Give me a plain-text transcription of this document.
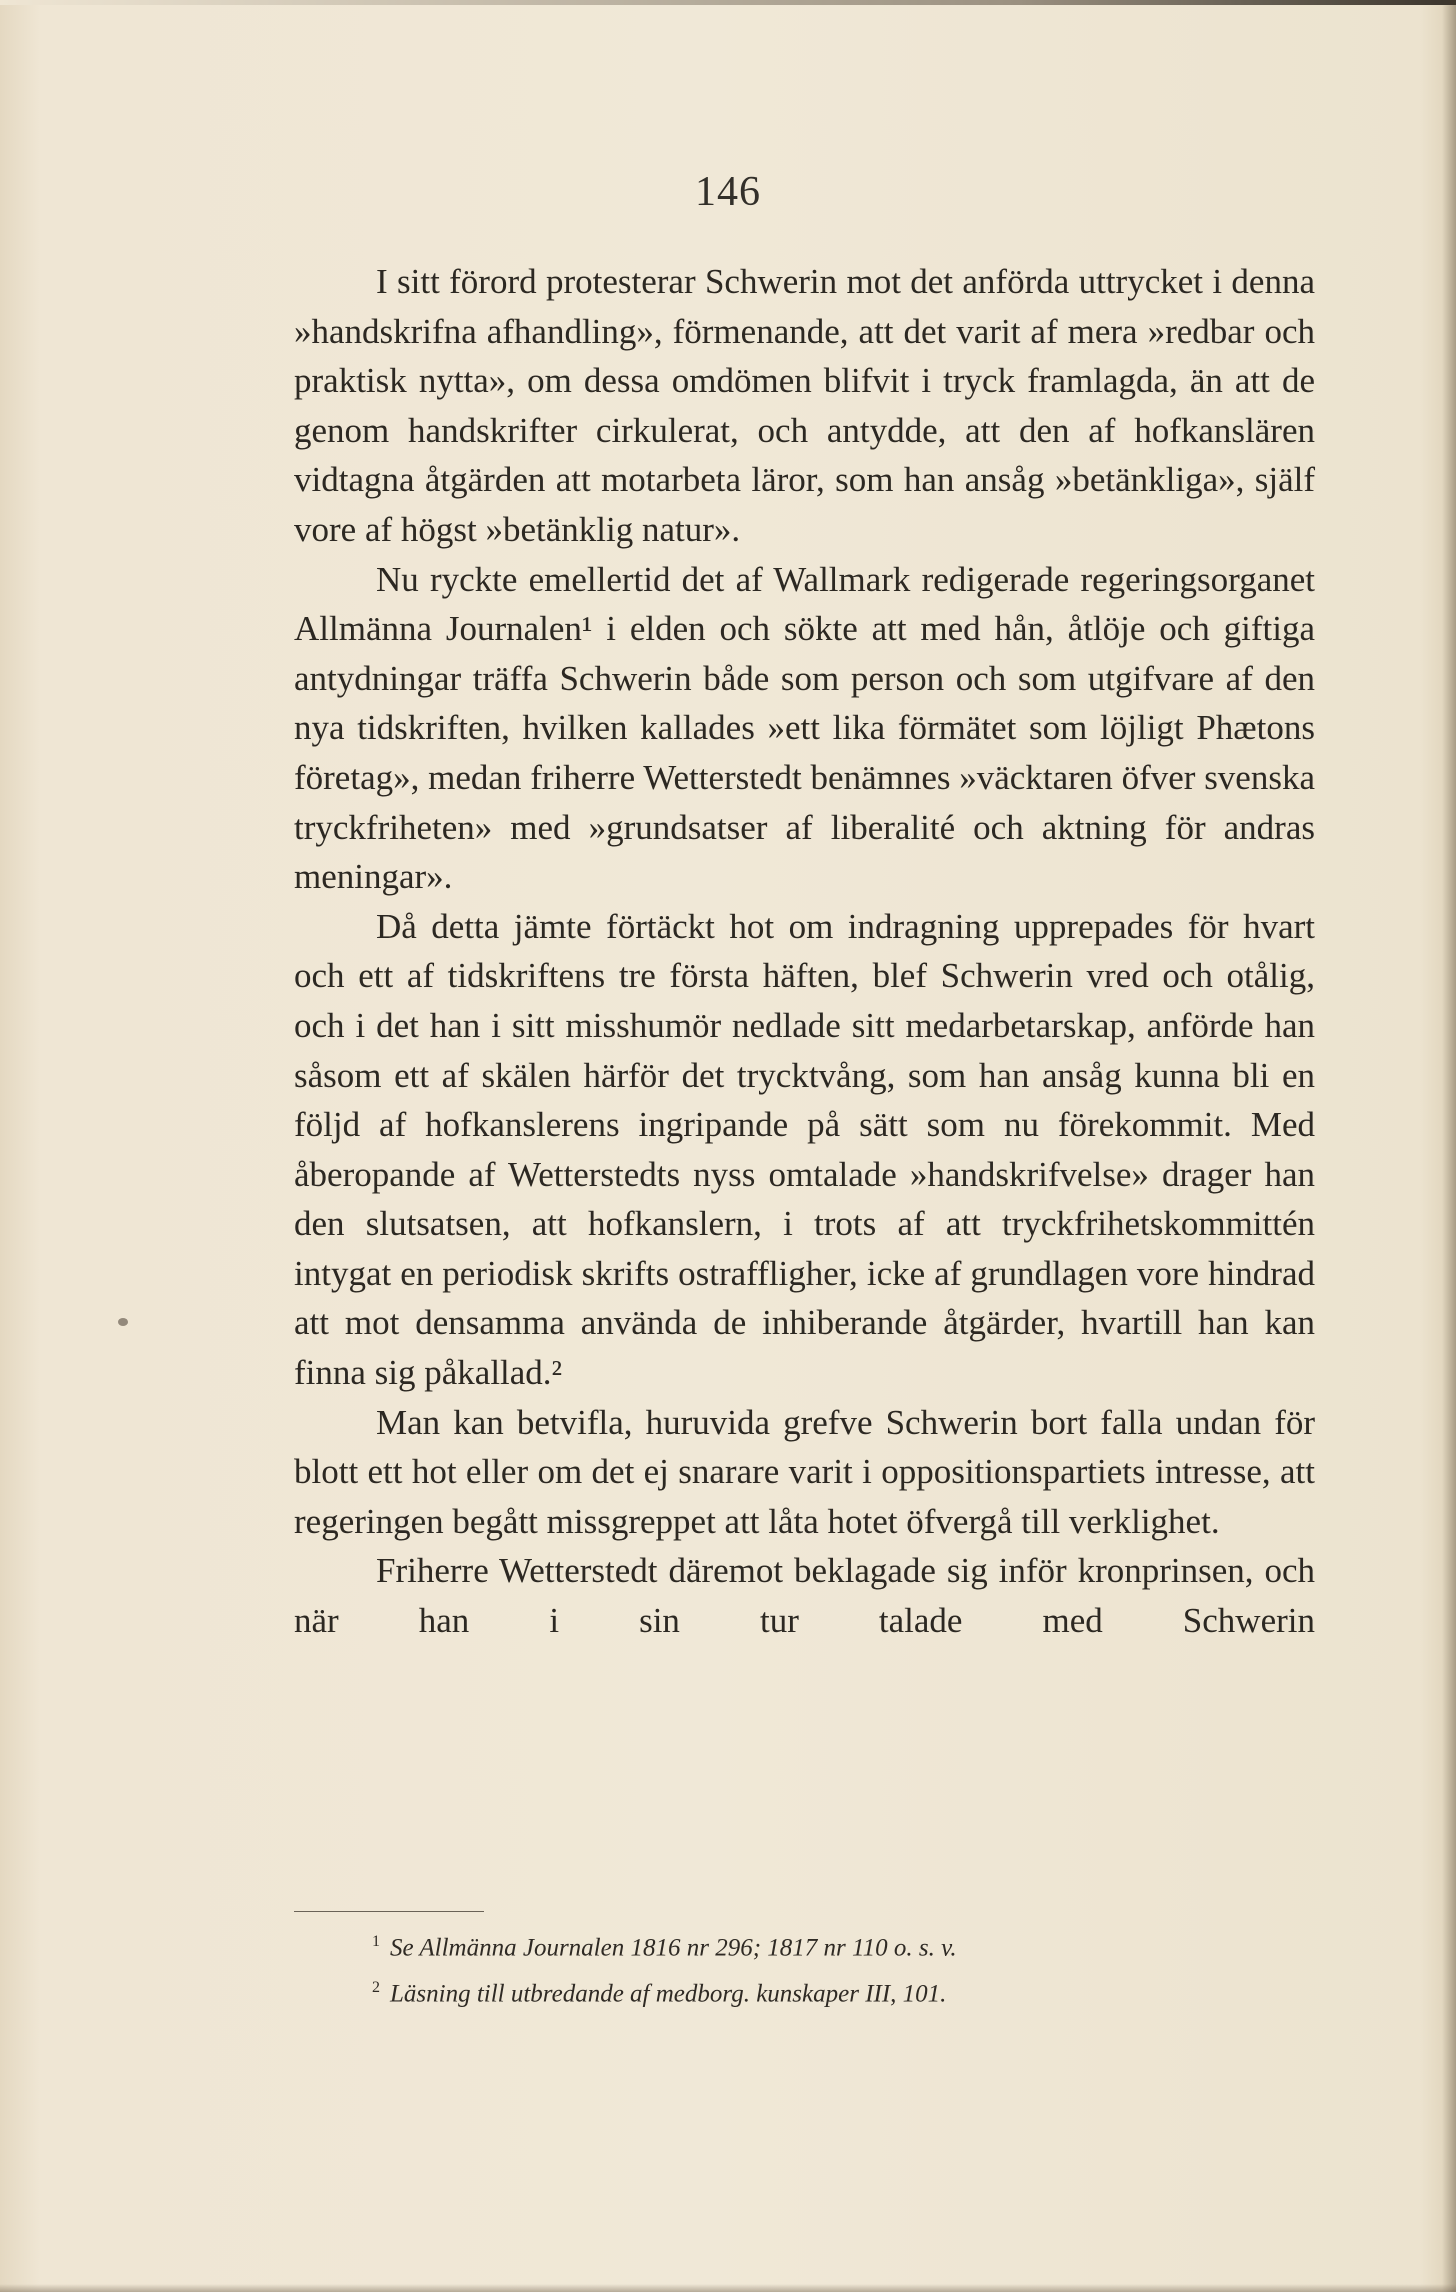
146

I sitt förord protesterar Schwerin mot det anförda uttrycket i denna »handskrifna afhandling», förmenande, att det varit af mera »redbar och praktisk nytta», om dessa omdömen blifvit i tryck framlagda, än att de genom handskrifter cirkulerat, och antydde, att den af hofkanslären vidtagna åtgärden att motarbeta läror, som han ansåg »betänkliga», själf vore af högst »betänklig natur».

Nu ryckte emellertid det af Wallmark redigerade regeringsorganet Allmänna Journalen¹ i elden och sökte att med hån, åtlöje och giftiga antydningar träffa Schwerin både som person och som utgifvare af den nya tidskriften, hvilken kallades »ett lika förmätet som löjligt Phætons företag», medan friherre Wetterstedt benämnes »väcktaren öfver svenska tryckfriheten» med »grundsatser af liberalité och aktning för andras meningar».

Då detta jämte förtäckt hot om indragning upprepades för hvart och ett af tidskriftens tre första häften, blef Schwerin vred och otålig, och i det han i sitt misshumör nedlade sitt medarbetarskap, anförde han såsom ett af skälen härför det trycktvång, som han ansåg kunna bli en följd af hofkanslerens ingripande på sätt som nu förekommit. Med åberopande af Wetterstedts nyss omtalade »handskrifvelse» drager han den slutsatsen, att hofkanslern, i trots af att tryckfrihetskommittén intygat en periodisk skrifts ostraffligher, icke af grundlagen vore hindrad att mot densamma använda de inhiberande åtgärder, hvartill han kan finna sig påkallad.²

Man kan betvifla, huruvida grefve Schwerin bort falla undan för blott ett hot eller om det ej snarare varit i oppositionspartiets intresse, att regeringen begått missgreppet att låta hotet öfvergå till verklighet.

Friherre Wetterstedt däremot beklagade sig inför kronprinsen, och när han i sin tur talade med Schwerin

$^1$ Se Allmänna Journalen 1816 nr 296; 1817 nr 110 o. s. v.

$^2$ Läsning till utbredande af medborg. kunskaper III, 101.
